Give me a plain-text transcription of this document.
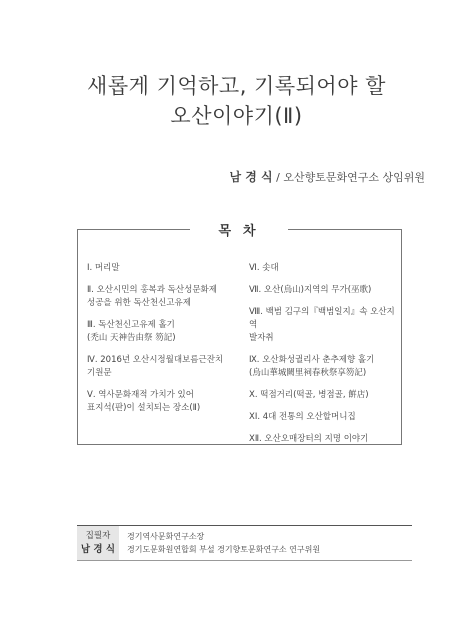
새롭게 기억하고, 기록되어야 할
오산이야기(Ⅱ)
남 경 식 / 오산향토문화연구소 상임위원
목차
Ⅰ. 머리말
Ⅱ. 오산시민의 홍복과 독산성문화제
성공을 위한 독산천신고유제
Ⅲ. 독산천신고유제 홀기
(禿山 天神告由祭 笏記)
Ⅳ. 2016년 오산시정월대보름근잔치
기원문
Ⅴ. 역사문화재적 가치가 있어
표지석(판)이 설치되는 장소(Ⅱ)
Ⅵ. 솟대
Ⅶ. 오산(烏山)지역의 무가(巫歌)
Ⅷ. 백범 김구의『백범일지』속 오산지역
발자취
Ⅸ. 오산화성궐리사 춘추제향 홀기
(烏山華城闕里祠春秋祭享笏記)
Ⅹ. 떡점거리(떡골, 병점골, 餠店)
ⅩⅠ. 4대 전통의 오산할머니집
ⅩⅡ. 오산오매장터의 지명 이야기
집필자
남 경 식
경기역사문화연구소장
경기도문화원연합회 부설 경기향토문화연구소 연구위원
